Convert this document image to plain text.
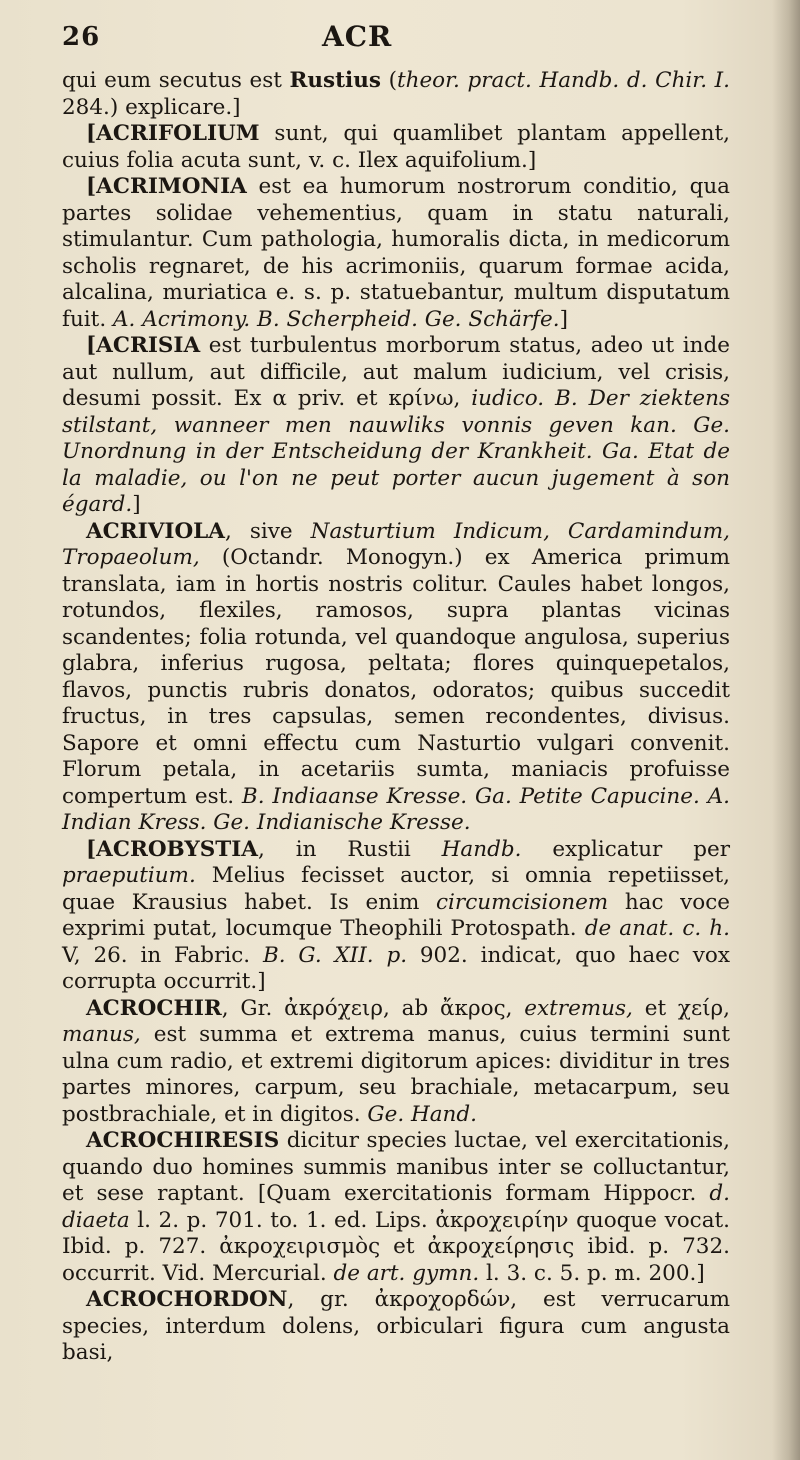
26	ACR

qui eum secutus est Rustius (theor. pract. Handb. d. Chir. I. 284.) explicare.]

[ACRIFOLIUM sunt, qui quamlibet plantam appellent, cuius folia acuta sunt, v. c. Ilex aquifolium.]

[ACRIMONIA est ea humorum nostrorum conditio, qua partes solidae vehementius, quam in statu naturali, stimulantur. Cum pathologia, humoralis dicta, in medicorum scholis regnaret, de his acrimoniis, quarum formae acida, alcalina, muriatica e. s. p. statuebantur, multum disputatum fuit. A. Acrimony. B. Scherpheid. Ge. Schärfe.]

[ACRISIA est turbulentus morborum status, adeo ut inde aut nullum, aut difficile, aut malum iudicium, vel crisis, desumi possit. Ex α priv. et κρίνω, iudico. B. Der ziektens stilstant, wanneer men nauwliks vonnis geven kan. Ge. Unordnung in der Entscheidung der Krankheit. Ga. Etat de la maladie, ou l'on ne peut porter aucun jugement à son égard.]

ACRIVIOLA, sive Nasturtium Indicum, Cardamindum, Tropaeolum, (Octandr. Monogyn.) ex America primum translata, iam in hortis nostris colitur. Caules habet longos, rotundos, flexiles, ramosos, supra plantas vicinas scandentes; folia rotunda, vel quandoque angulosa, superius glabra, inferius rugosa, peltata; flores quinquepetalos, flavos, punctis rubris donatos, odoratos; quibus succedit fructus, in tres capsulas, semen recondentes, divisus. Sapore et omni effectu cum Nasturtio vulgari convenit. Florum petala, in acetariis sumta, maniacis profuisse compertum est. B. Indiaanse Kresse. Ga. Petite Capucine. A. Indian Kress. Ge. Indianische Kresse.

[ACROBYSTIA, in Rustii Handb. explicatur per praeputium. Melius fecisset auctor, si omnia repetiisset, quae Krausius habet. Is enim circumcisionem hac voce exprimi putat, locumque Theophili Protospath. de anat. c. h. V, 26. in Fabric. B. G. XII. p. 902. indicat, quo haec vox corrupta occurrit.]

ACROCHIR, Gr. ἀκρόχειρ, ab ἄκρος, extremus, et χείρ, manus, est summa et extrema manus, cuius termini sunt ulna cum radio, et extremi digitorum apices: dividitur in tres partes minores, carpum, seu brachiale, metacarpum, seu postbrachiale, et in digitos. Ge. Hand.

ACROCHIRESIS dicitur species luctae, vel exercitationis, quando duo homines summis manibus inter se colluctantur, et sese raptant. [Quam exercitationis formam Hippocr. d. diaeta l. 2. p. 701. to. 1. ed. Lips. ἀκροχειρίην quoque vocat. Ibid. p. 727. ἀκροχειρισμὸς et ἀκροχείρησις ibid. p. 732. occurrit. Vid. Mercurial. de art. gymn. l. 3. c. 5. p. m. 200.]

ACROCHORDON, gr. ἀκροχορδών, est verrucarum species, interdum dolens, orbiculari figura cum angusta basi,
